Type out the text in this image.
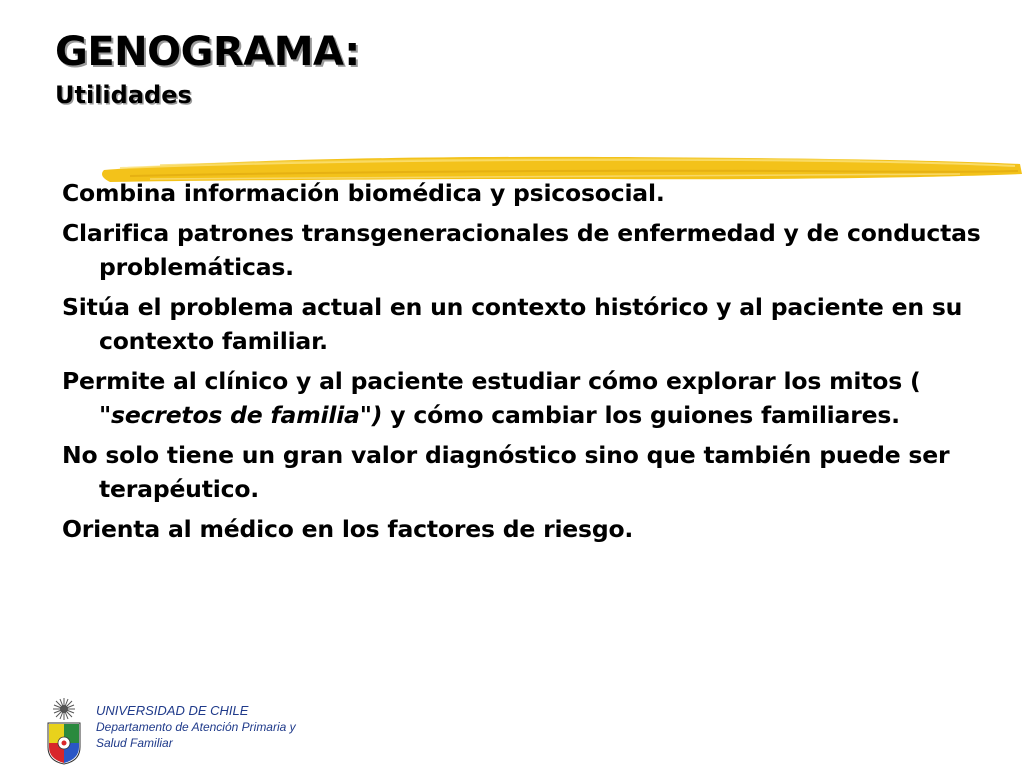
GENOGRAMA:
Utilidades
Combina información biomédica y psicosocial.
Clarifica patrones transgeneracionales de enfermedad y de conductas problemáticas.
Sitúa el problema actual en un contexto histórico y al paciente en su contexto familiar.
Permite al clínico y al paciente estudiar cómo explorar los mitos ( "secretos de familia") y cómo cambiar los guiones familiares.
No solo tiene un gran valor diagnóstico sino que también puede ser terapéutico.
Orienta al médico en los factores de riesgo.
UNIVERSIDAD DE CHILE
Departamento de Atención Primaria y
Salud Familiar
